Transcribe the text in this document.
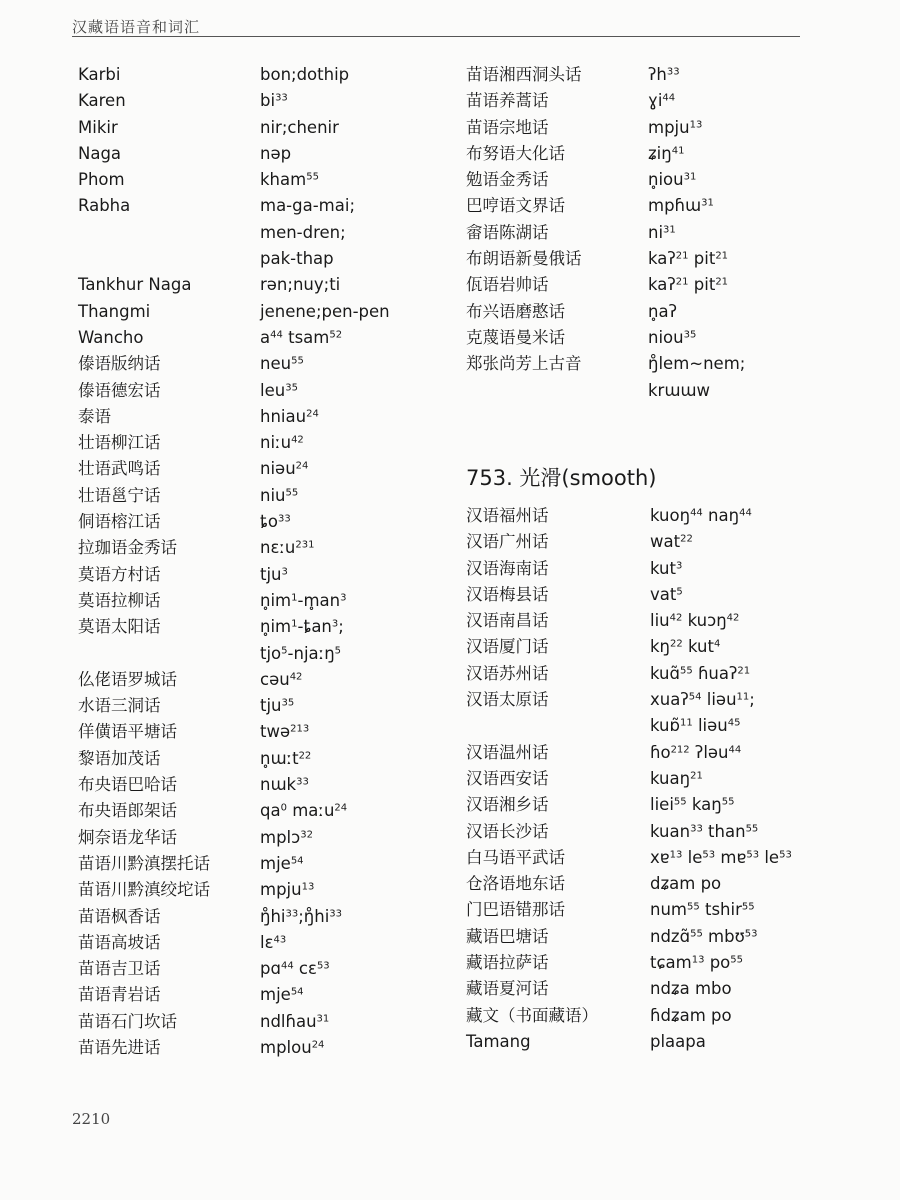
汉藏语语音和词汇
Karbi	bon;dothip
Karen	$bi^{33}$
Mikir	nir;chenir
Naga	nəp
Phom	kham$^{55}$
Rabha	ma-ga-mai;
men-dren;
pak-thap
Tankhur Naga	rən;nuy;ti
Thangmi	jenene;pen-pen
Wancho	$a^{44}$ tsam$^{52}$
傣语版纳话	neu$^{55}$
傣语德宏话	leu$^{35}$
泰语	hniau$^{24}$
壮语柳江话	niːu$^{42}$
壮语武鸣话	niəu$^{24}$
壮语邕宁话	niu$^{55}$
侗语榕江话	$ȶo^{33}$
拉珈语金秀话	nɛːu$^{231}$
莫语方村话	tju$^3$
莫语拉柳话	$n̥im^1-m̥an^3$
莫语太阳话	$n̥im^1-ȶan^3$;
tjo$^5$-njaːŋ$^5$
仫佬语罗城话	cəu$^{42}$
水语三洞话	tju$^{35}$
佯僙语平塘话	twə$^{213}$
黎语加茂话	n̥ɯːt$^{22}$
布央语巴哈话	nɯk$^{33}$
布央语郎架话	$qa^0$ maːu$^{24}$
炯奈语龙华话	mplɔ$^{32}$
苗语川黔滇摆托话	mje$^{54}$
苗语川黔滇绞坨话	mpju$^{13}$
苗语枫香话	$ŋ̊hi^{33};ŋ̊hi^{33}$
苗语高坡话	lɛ$^{43}$
苗语吉卫话	pɑ$^{44}$ cɛ$^{53}$
苗语青岩话	mje$^{54}$
苗语石门坎话	ndlɦau$^{31}$
苗语先进话	mplou$^{24}$
苗语湘西洞头话	ʔh$^{33}$
苗语养蒿话	ɣi$^{44}$
苗语宗地话	mpju$^{13}$
布努语大化话	ʑiŋ$^{41}$
勉语金秀话	n̥iou$^{31}$
巴哼语文界话	mpɦɯ$^{31}$
畲语陈湖话	$ni^{31}$
布朗语新曼俄话	kaʔ$^{21}$ pit$^{21}$
佤语岩帅话	kaʔ$^{21}$ pit$^{21}$
布兴语磨憨话	n̥aʔ
克蔑语曼米话	niou$^{35}$
郑张尚芳上古音	ŋ̊lem~nem;
krɯɯw
753. 光滑(smooth)
汉语福州话	kuoŋ$^{44}$ naŋ$^{44}$
汉语广州话	wat$^{22}$
汉语海南话	kut$^3$
汉语梅县话	vat$^5$
汉语南昌话	liu$^{42}$ kuɔŋ$^{42}$
汉语厦门话	$kŋ^{22}$ kut$^4$
汉语苏州话	kuɑ̃$^{55}$ ɦuaʔ$^{21}$
汉语太原话	xuaʔ$^{54}$ liəu$^{11}$;
kuɒ̃$^{11}$ liəu$^{45}$
汉语温州话	ɦo$^{212}$ ʔləu$^{44}$
汉语西安话	kuaŋ$^{21}$
汉语湘乡话	liei$^{55}$ kaŋ$^{55}$
汉语长沙话	kuan$^{33}$ than$^{55}$
白马语平武话	xɐ$^{13}$ $le^{53}$ mɐ$^{53}$ $le^{53}$
仓洛语地东话	dʑam po
门巴语错那话	num$^{55}$ tshir$^{55}$
藏语巴塘话	ndzɑ̃$^{55}$ mbʊ$^{53}$
藏语拉萨话	tɕam$^{13}$ $po^{55}$
藏语夏河话	ndʑa mbo
藏文（书面藏语）	ɦdʑam po
Tamang	plaapa
2210
